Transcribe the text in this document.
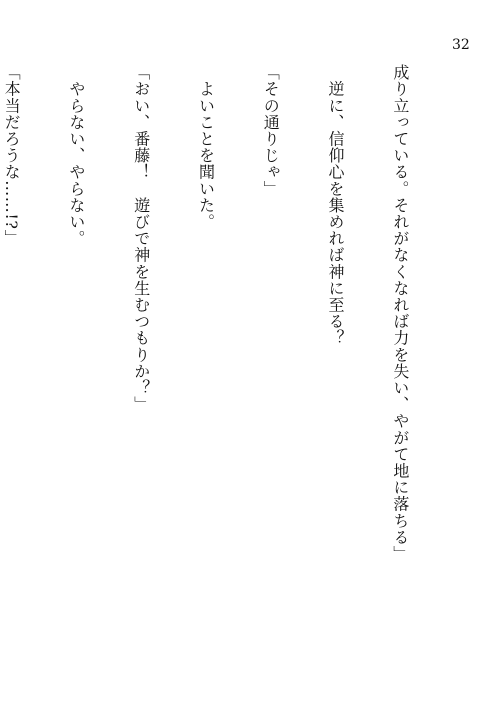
32

成り立っている。それがなくなれば力を失い、やがて地に落ちる」

　逆に、信仰心を集めれば神に至る？

「その通りじゃ」

　よいことを聞いた。

「おい、番藤！　遊びで神を生むつもりか？」

　やらない、やらない。

「本当だろうな……!?」
